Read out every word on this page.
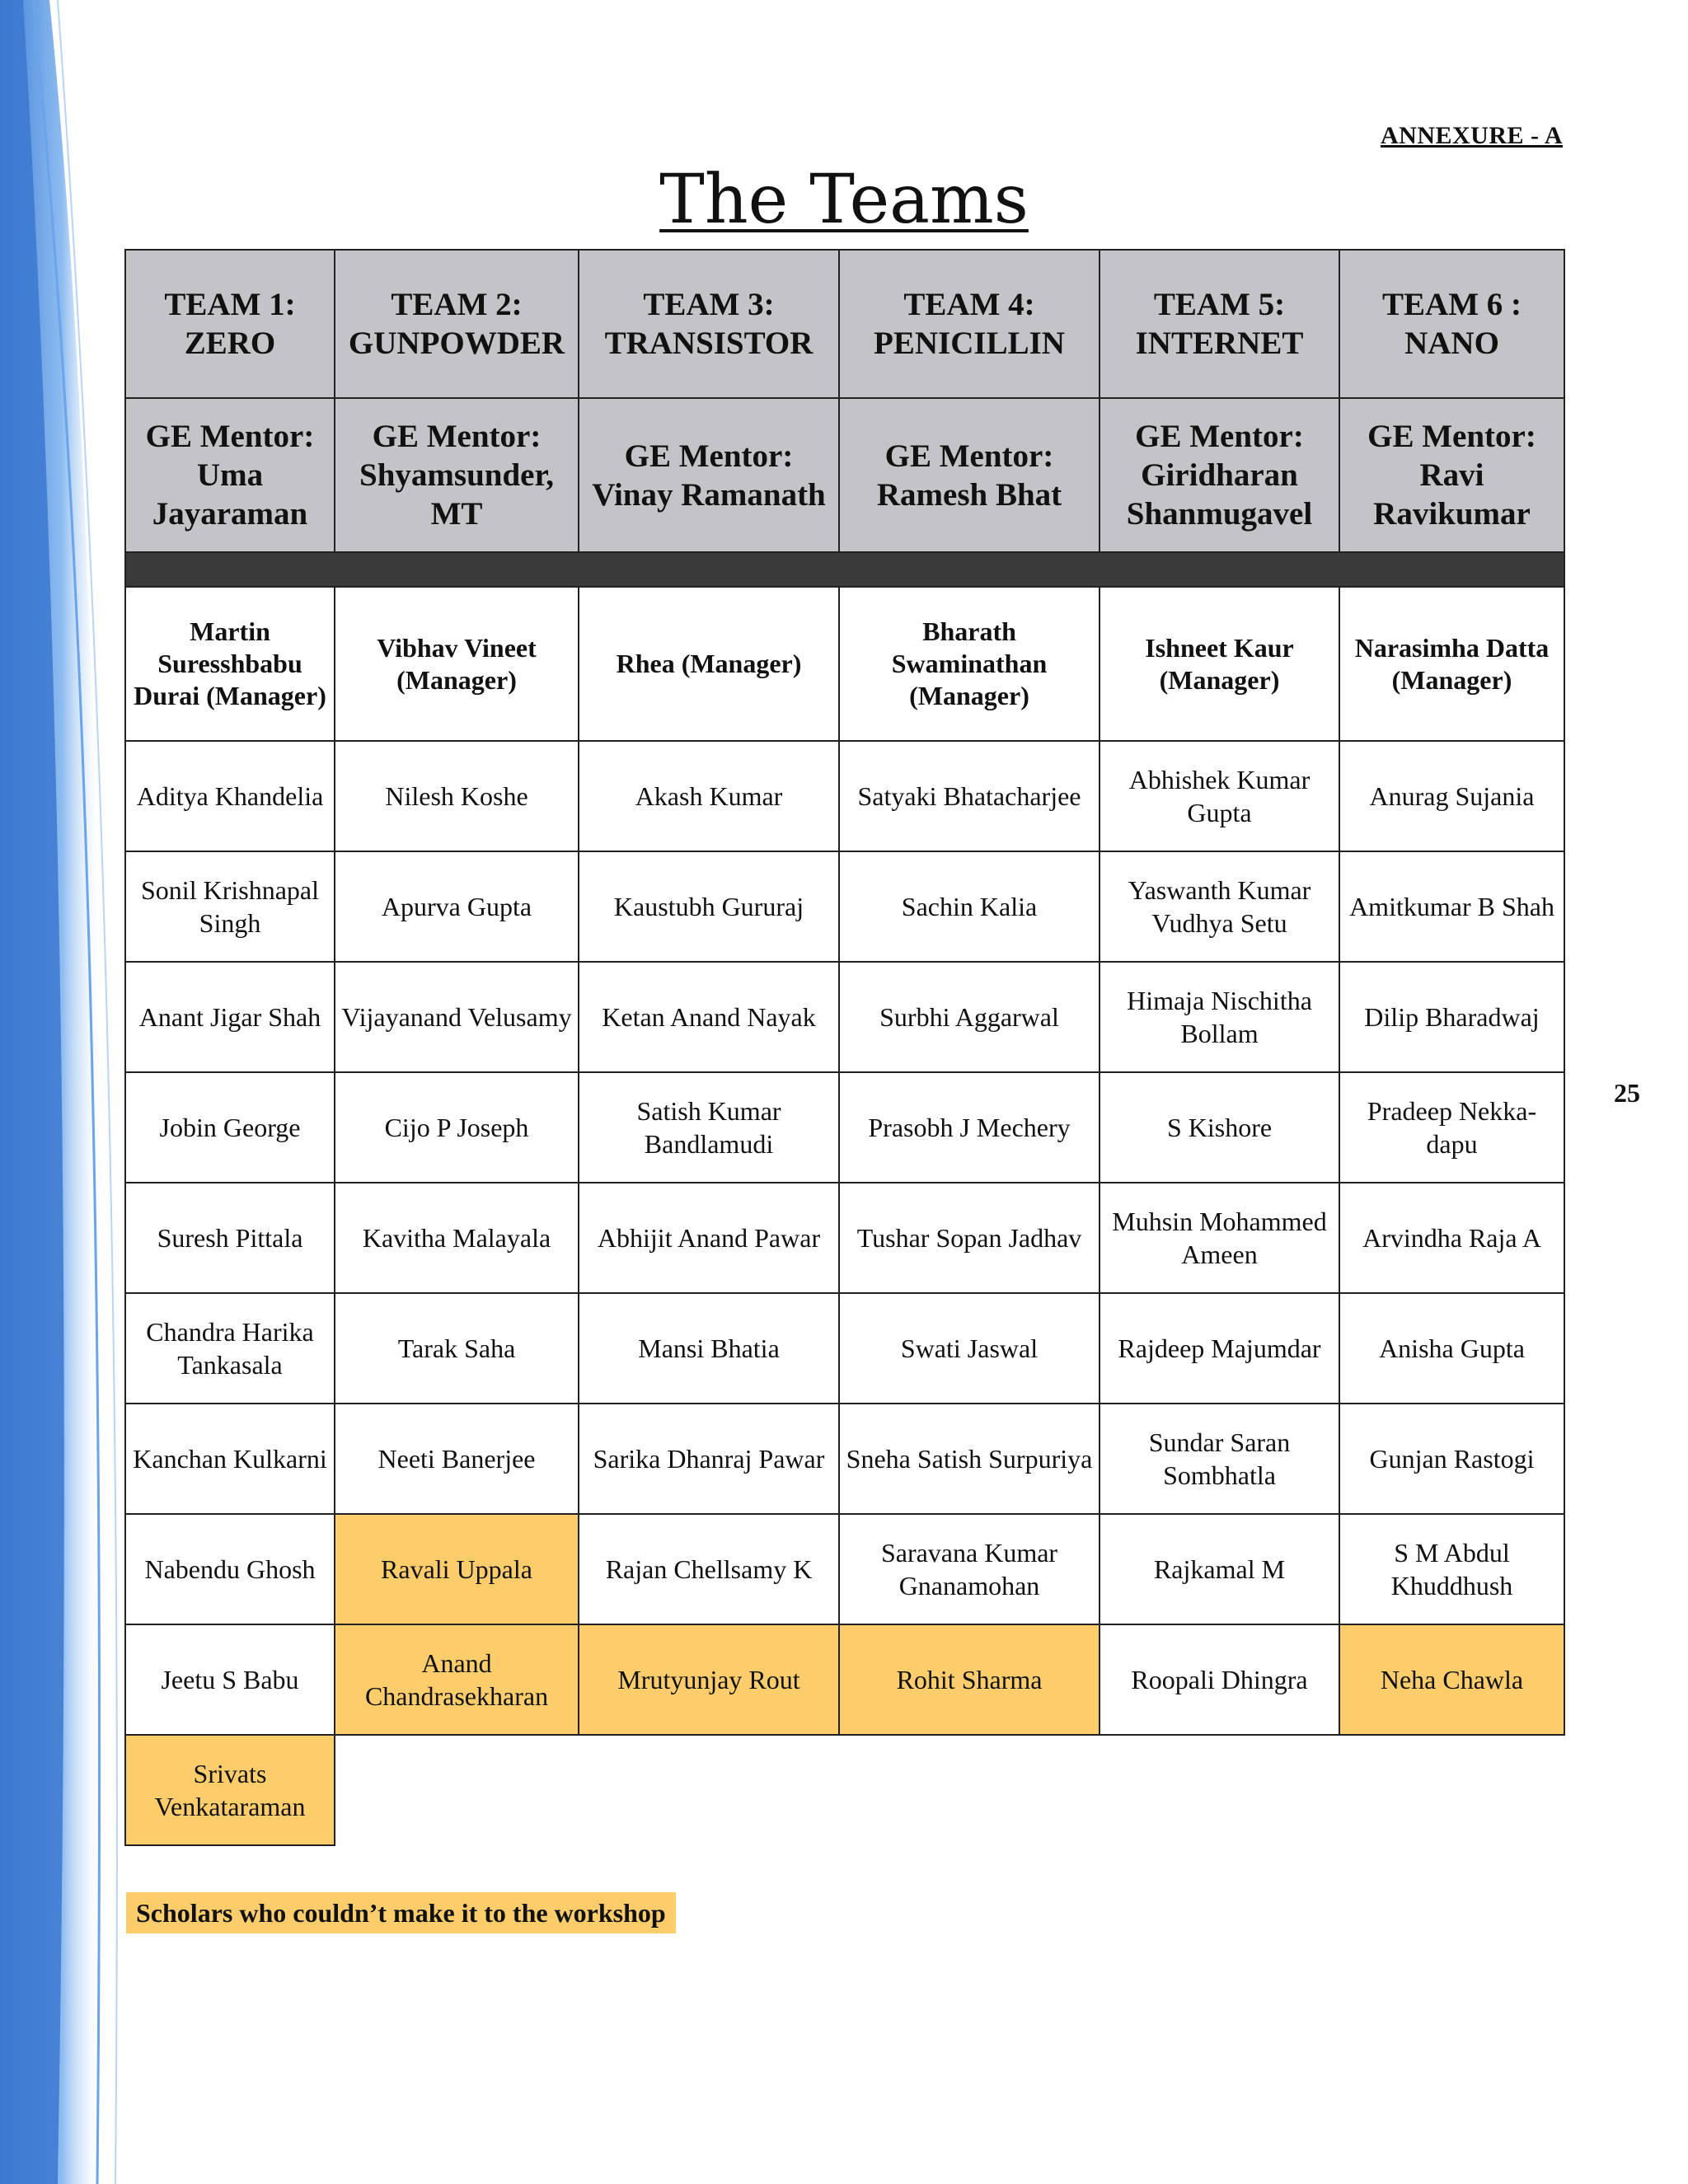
ANNEXURE - A
The Teams
25
TEAM 1: ZERO	TEAM 2: GUNPOWDER	TEAM 3: TRANSISTOR	TEAM 4: PENICILLIN	TEAM 5: INTERNET	TEAM 6 : NANO
GE Mentor: Uma Jayaraman	GE Mentor: Shyamsunder, MT	GE Mentor: Vinay Ramanath	GE Mentor: Ramesh Bhat	GE Mentor: Giridharan Shanmugavel	GE Mentor: Ravi Ravikumar

Martin Suresshbabu Durai (Manager)	Vibhav Vineet (Manager)	Rhea (Manager)	Bharath Swaminathan (Manager)	Ishneet Kaur (Manager)	Narasimha Datta (Manager)
Aditya Khandelia	Nilesh Koshe	Akash Kumar	Satyaki Bhatacharjee	Abhishek Kumar Gupta	Anurag Sujania
Sonil Krishnapal Singh	Apurva Gupta	Kaustubh Gururaj	Sachin Kalia	Yaswanth Kumar Vudhya Setu	Amitkumar B Shah
Anant Jigar Shah	Vijayanand Velusamy	Ketan Anand Nayak	Surbhi Aggarwal	Himaja Nischitha Bollam	Dilip Bharadwaj
Jobin George	Cijo P Joseph	Satish Kumar Bandlamudi	Prasobh J Mechery	S Kishore	Pradeep Nekka-dapu
Suresh Pittala	Kavitha Malayala	Abhijit Anand Pawar	Tushar Sopan Jadhav	Muhsin Mohammed Ameen	Arvindha Raja A
Chandra Harika Tankasala	Tarak Saha	Mansi Bhatia	Swati Jaswal	Rajdeep Majumdar	Anisha Gupta
Kanchan Kulkarni	Neeti Banerjee	Sarika Dhanraj Pawar	Sneha Satish Surpuriya	Sundar Saran Sombhatla	Gunjan Rastogi
Nabendu Ghosh	Ravali Uppala	Rajan Chellsamy K	Saravana Kumar Gnanamohan	Rajkamal M	S M Abdul Khuddhush
Jeetu S Babu	Anand Chandrasekharan	Mrutyunjay Rout	Rohit Sharma	Roopali Dhingra	Neha Chawla
Srivats Venkataraman					
Scholars who couldn’t make it to the workshop
